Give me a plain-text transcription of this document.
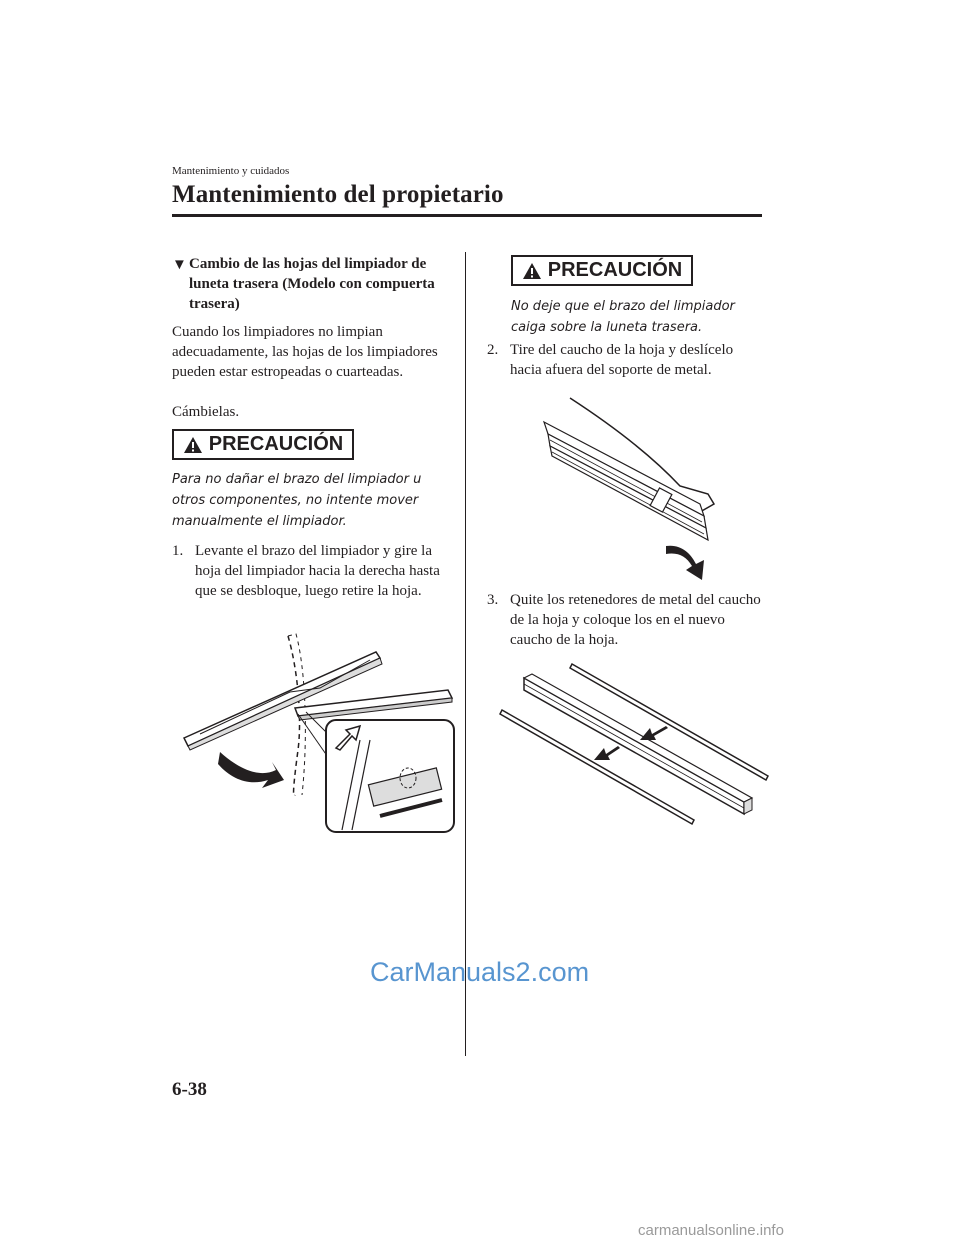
Mantenimiento y cuidados
Mantenimiento del propietario
▼ Cambio de las hojas del limpiador de luneta trasera (Modelo con compuerta trasera)
Cuando los limpiadores no limpian adecuadamente, las hojas de los limpiadores pueden estar estropeadas o cuarteadas.
Cámbielas.
PRECAUCIÓN
Para no dañar el brazo del limpiador u otros componentes, no intente mover manualmente el limpiador.
1. Levante el brazo del limpiador y gire la hoja del limpiador hacia la derecha hasta que se desbloque, luego retire la hoja.
PRECAUCIÓN
No deje que el brazo del limpiador caiga sobre la luneta trasera.
2. Tire del caucho de la hoja y deslícelo hacia afuera del soporte de metal.
3. Quite los retenedores de metal del caucho de la hoja y coloque los en el nuevo caucho de la hoja.
CarManuals2.com
6-38
carmanualsonline.info
